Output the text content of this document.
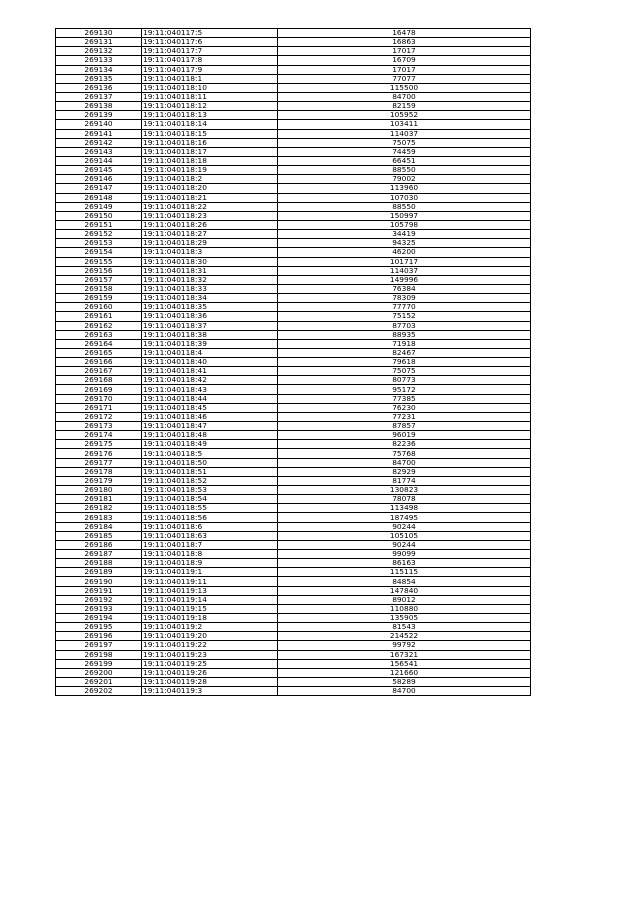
269130	19:11:040117:5	16478
269131	19:11:040117:6	16863
269132	19:11:040117:7	17017
269133	19:11:040117:8	16709
269134	19:11:040117:9	17017
269135	19:11:040118:1	77077
269136	19:11:040118:10	115500
269137	19:11:040118:11	84700
269138	19:11:040118:12	82159
269139	19:11:040118:13	105952
269140	19:11:040118:14	103411
269141	19:11:040118:15	114037
269142	19:11:040118:16	75075
269143	19:11:040118:17	74459
269144	19:11:040118:18	66451
269145	19:11:040118:19	88550
269146	19:11:040118:2	79002
269147	19:11:040118:20	113960
269148	19:11:040118:21	107030
269149	19:11:040118:22	88550
269150	19:11:040118:23	150997
269151	19:11:040118:26	105798
269152	19:11:040118:27	34419
269153	19:11:040118:29	94325
269154	19:11:040118:3	46200
269155	19:11:040118:30	101717
269156	19:11:040118:31	114037
269157	19:11:040118:32	149996
269158	19:11:040118:33	76384
269159	19:11:040118:34	78309
269160	19:11:040118:35	77770
269161	19:11:040118:36	75152
269162	19:11:040118:37	87703
269163	19:11:040118:38	88935
269164	19:11:040118:39	71918
269165	19:11:040118:4	82467
269166	19:11:040118:40	79618
269167	19:11:040118:41	75075
269168	19:11:040118:42	80773
269169	19:11:040118:43	95172
269170	19:11:040118:44	77385
269171	19:11:040118:45	76230
269172	19:11:040118:46	77231
269173	19:11:040118:47	87857
269174	19:11:040118:48	96019
269175	19:11:040118:49	82236
269176	19:11:040118:5	75768
269177	19:11:040118:50	84700
269178	19:11:040118:51	82929
269179	19:11:040118:52	81774
269180	19:11:040118:53	130823
269181	19:11:040118:54	78078
269182	19:11:040118:55	113498
269183	19:11:040118:56	187495
269184	19:11:040118:6	90244
269185	19:11:040118:63	105105
269186	19:11:040118:7	90244
269187	19:11:040118:8	99099
269188	19:11:040118:9	86163
269189	19:11:040119:1	115115
269190	19:11:040119:11	84854
269191	19:11:040119:13	147840
269192	19:11:040119:14	89012
269193	19:11:040119:15	110880
269194	19:11:040119:18	135905
269195	19:11:040119:2	81543
269196	19:11:040119:20	214522
269197	19:11:040119:22	99792
269198	19:11:040119:23	167321
269199	19:11:040119:25	156541
269200	19:11:040119:26	121660
269201	19:11:040119:28	58289
269202	19:11:040119:3	84700
